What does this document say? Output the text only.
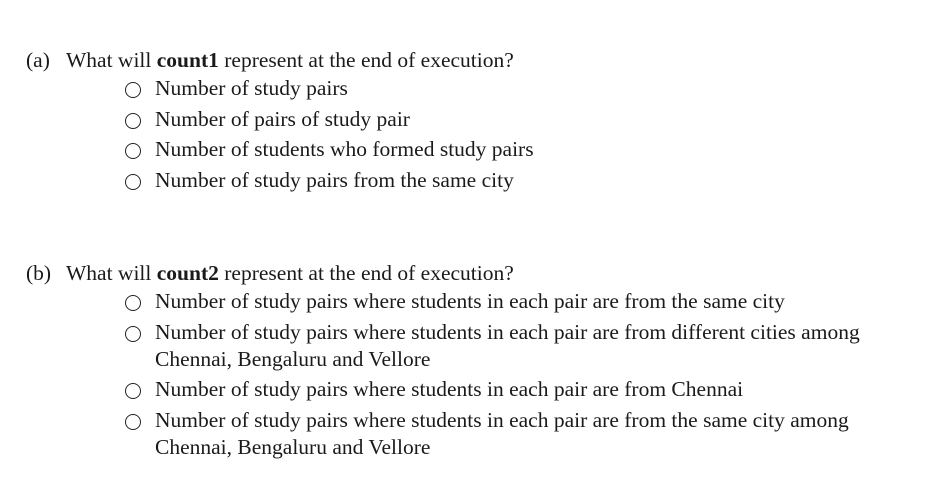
(a) What will count1 represent at the end of execution?
Number of study pairs
Number of pairs of study pair
Number of students who formed study pairs
Number of study pairs from the same city
(b) What will count2 represent at the end of execution?
Number of study pairs where students in each pair are from the same city
Number of study pairs where students in each pair are from different cities among Chennai, Bengaluru and Vellore
Number of study pairs where students in each pair are from Chennai
Number of study pairs where students in each pair are from the same city among Chennai, Bengaluru and Vellore
